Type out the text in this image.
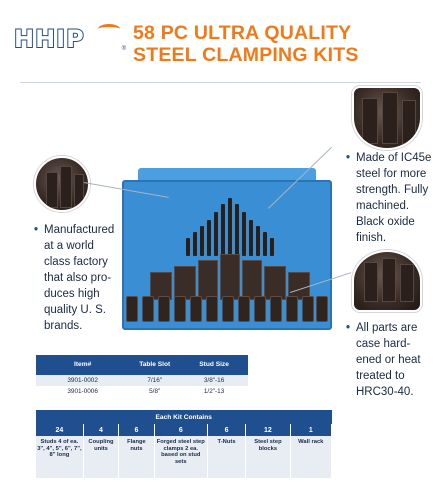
HHIP	®
58 PC ULTRA QUALITY
STEEL CLAMPING KITS
• Manufactured
at a world
class factory
that also pro-
duces high
quality U. S.
brands.
• Made of IC45e
steel for more
strength. Fully
machined.
Black oxide
finish.
• All parts are
case hard-
ened or heat
treated to
HRC30-40.
Item#	Table Slot	Stud Size
3901-0002	7/16"	3/8"-16
3901-0006	5/8"	1/2"-13
Each Kit Contains						
24	4	6	6	6	12	1
Studs 4 of ea. 3", 4", 5", 6", 7", 8" long	Coupling units	Flange nuts	Forged steel step clamps 2 ea. based on stud sets	T-Nuts	Steel step blocks	Wall rack
